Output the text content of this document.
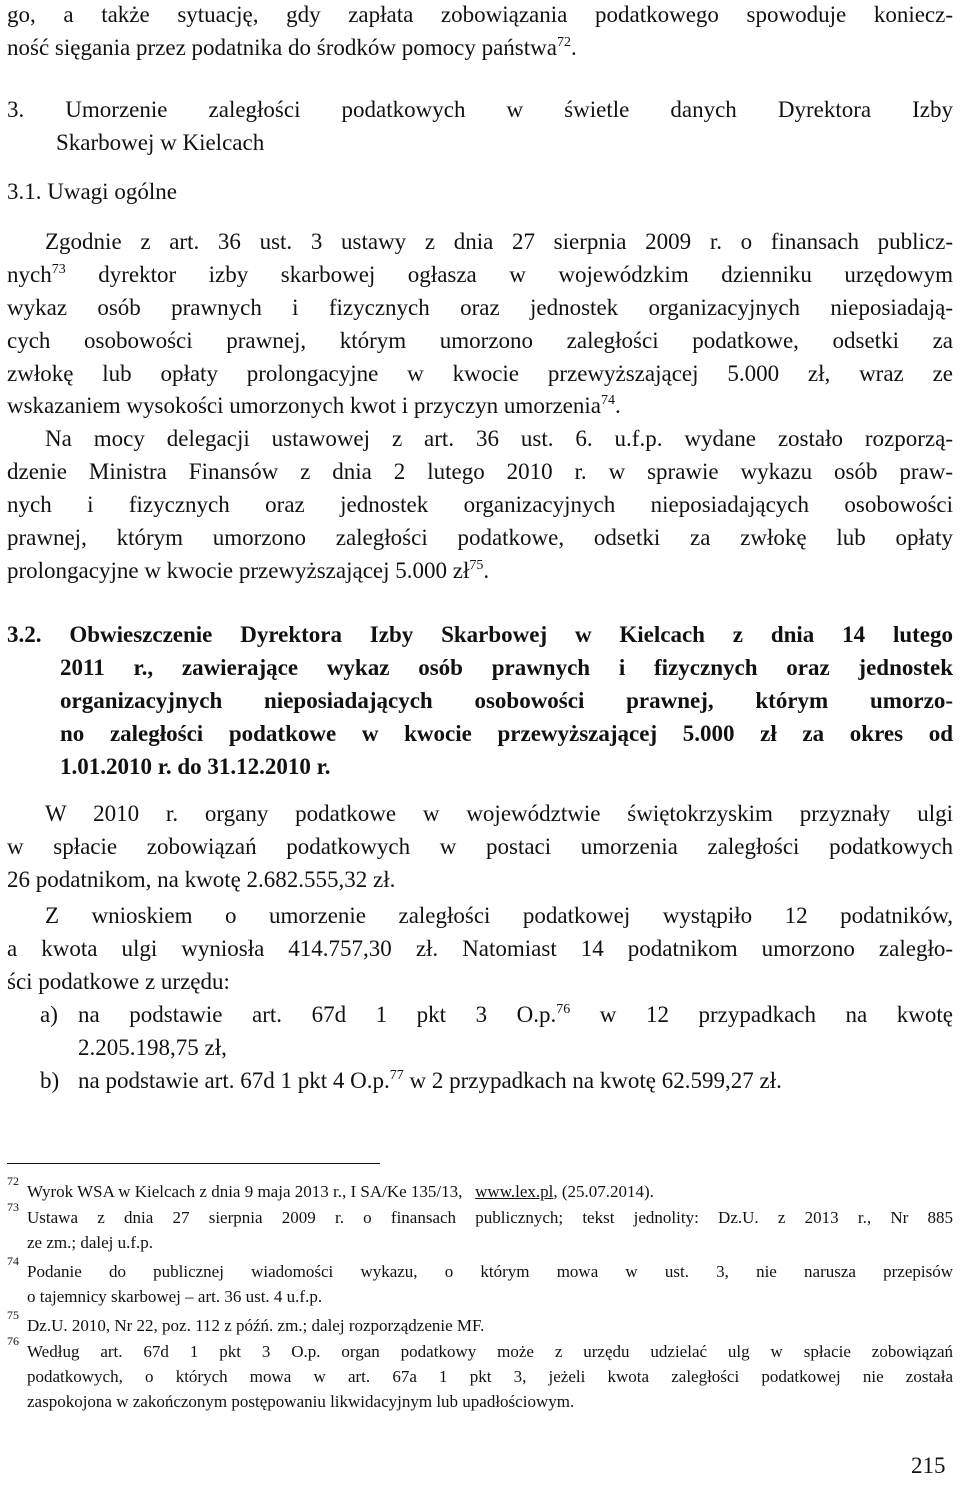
go, a także sytuację, gdy zapłata zobowiązania podatkowego spowoduje koniecz-
ność sięgania przez podatnika do środków pomocy państwa$^{72}$.
3. Umorzenie zaległości podatkowych w świetle danych Dyrektora Izby
Skarbowej w Kielcach
3.1. Uwagi ogólne
Zgodnie z art. 36 ust. 3 ustawy z dnia 27 sierpnia 2009 r. o finansach publicz-
nych$^{73}$ dyrektor izby skarbowej ogłasza w wojewódzkim dzienniku urzędowym
wykaz osób prawnych i fizycznych oraz jednostek organizacyjnych nieposiadają-
cych osobowości prawnej, którym umorzono zaległości podatkowe, odsetki za
zwłokę lub opłaty prolongacyjne w kwocie przewyższającej 5.000 zł, wraz ze
wskazaniem wysokości umorzonych kwot i przyczyn umorzenia$^{74}$.
Na mocy delegacji ustawowej z art. 36 ust. 6. u.f.p. wydane zostało rozporzą-
dzenie Ministra Finansów z dnia 2 lutego 2010 r. w sprawie wykazu osób praw-
nych i fizycznych oraz jednostek organizacyjnych nieposiadających osobowości
prawnej, którym umorzono zaległości podatkowe, odsetki za zwłokę lub opłaty
prolongacyjne w kwocie przewyższającej 5.000 $zł^{75}$.
3.2. Obwieszczenie Dyrektora Izby Skarbowej w Kielcach z dnia 14 lutego
2011 r., zawierające wykaz osób prawnych i fizycznych oraz jednostek
organizacyjnych nieposiadających osobowości prawnej, którym umorzo-
no zaległości podatkowe w kwocie przewyższającej 5.000 zł za okres od
1.01.2010 r. do 31.12.2010 r.
W 2010 r. organy podatkowe w województwie świętokrzyskim przyznały ulgi
w spłacie zobowiązań podatkowych w postaci umorzenia zaległości podatkowych
26 podatnikom, na kwotę 2.682.555,32 zł.
Z wnioskiem o umorzenie zaległości podatkowej wystąpiło 12 podatników,
a kwota ulgi wyniosła 414.757,30 zł. Natomiast 14 podatnikom umorzono zaległo-
ści podatkowe z urzędu:
a) na podstawie art. 67d 1 pkt 3 O.p.$^{76}$ w 12 przypadkach na kwotę
2.205.198,75 zł,
b) na podstawie art. 67d 1 pkt 4 O.p.$^{77}$ w 2 przypadkach na kwotę 62.599,27 zł.
72
Wyrok WSA w Kielcach z dnia 9 maja 2013 r., I SA/Ke 135/13, www.lex.pl, (25.07.2014).
73
Ustawa z dnia 27 sierpnia 2009 r. o finansach publicznych; tekst jednolity: Dz.U. z 2013 r., Nr 885
ze zm.; dalej u.f.p.
74
Podanie do publicznej wiadomości wykazu, o którym mowa w ust. 3, nie narusza przepisów
o tajemnicy skarbowej – art. 36 ust. 4 u.f.p.
75
Dz.U. 2010, Nr 22, poz. 112 z późń. zm.; dalej rozporządzenie MF.
76
Według art. 67d 1 pkt 3 O.p. organ podatkowy może z urzędu udzielać ulg w spłacie zobowiązań
podatkowych, o których mowa w art. 67a 1 pkt 3, jeżeli kwota zaległości podatkowej nie została
zaspokojona w zakończonym postępowaniu likwidacyjnym lub upadłościowym.
215
